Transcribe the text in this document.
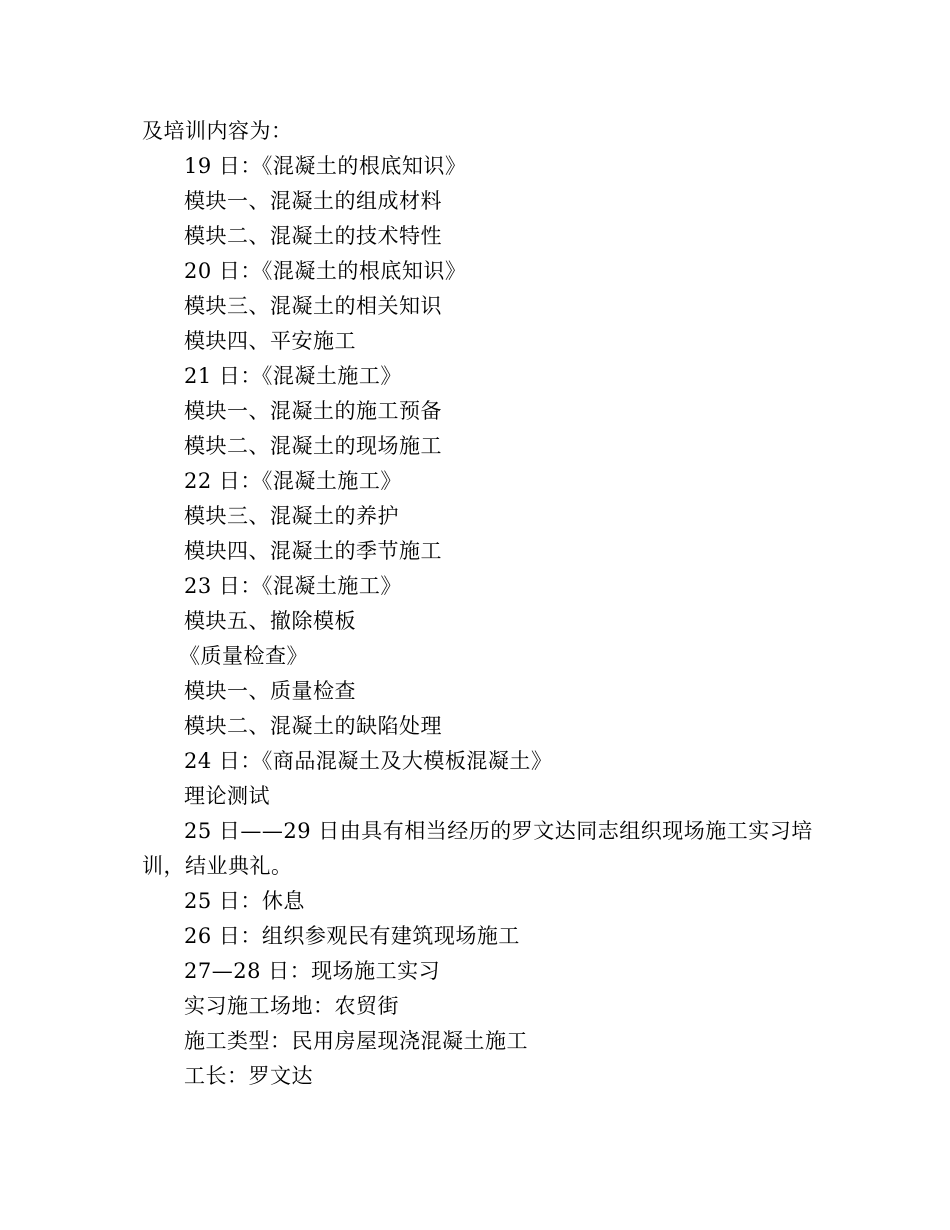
及培训内容为：
19 日：《混凝土的根底知识》
模块一、混凝土的组成材料
模块二、混凝土的技术特性
20 日：《混凝土的根底知识》
模块三、混凝土的相关知识
模块四、平安施工
21 日：《混凝土施工》
模块一、混凝土的施工预备
模块二、混凝土的现场施工
22 日：《混凝土施工》
模块三、混凝土的养护
模块四、混凝土的季节施工
23 日：《混凝土施工》
模块五、撤除模板
《质量检查》
模块一、质量检查
模块二、混凝土的缺陷处理
24 日：《商品混凝土及大模板混凝土》
理论测试
25 日——29 日由具有相当经历的罗文达同志组织现场施工实习培
训，结业典礼。
25 日：休息
26 日：组织参观民有建筑现场施工
27—28 日：现场施工实习
实习施工场地：农贸街
施工类型：民用房屋现浇混凝土施工
工长：罗文达
